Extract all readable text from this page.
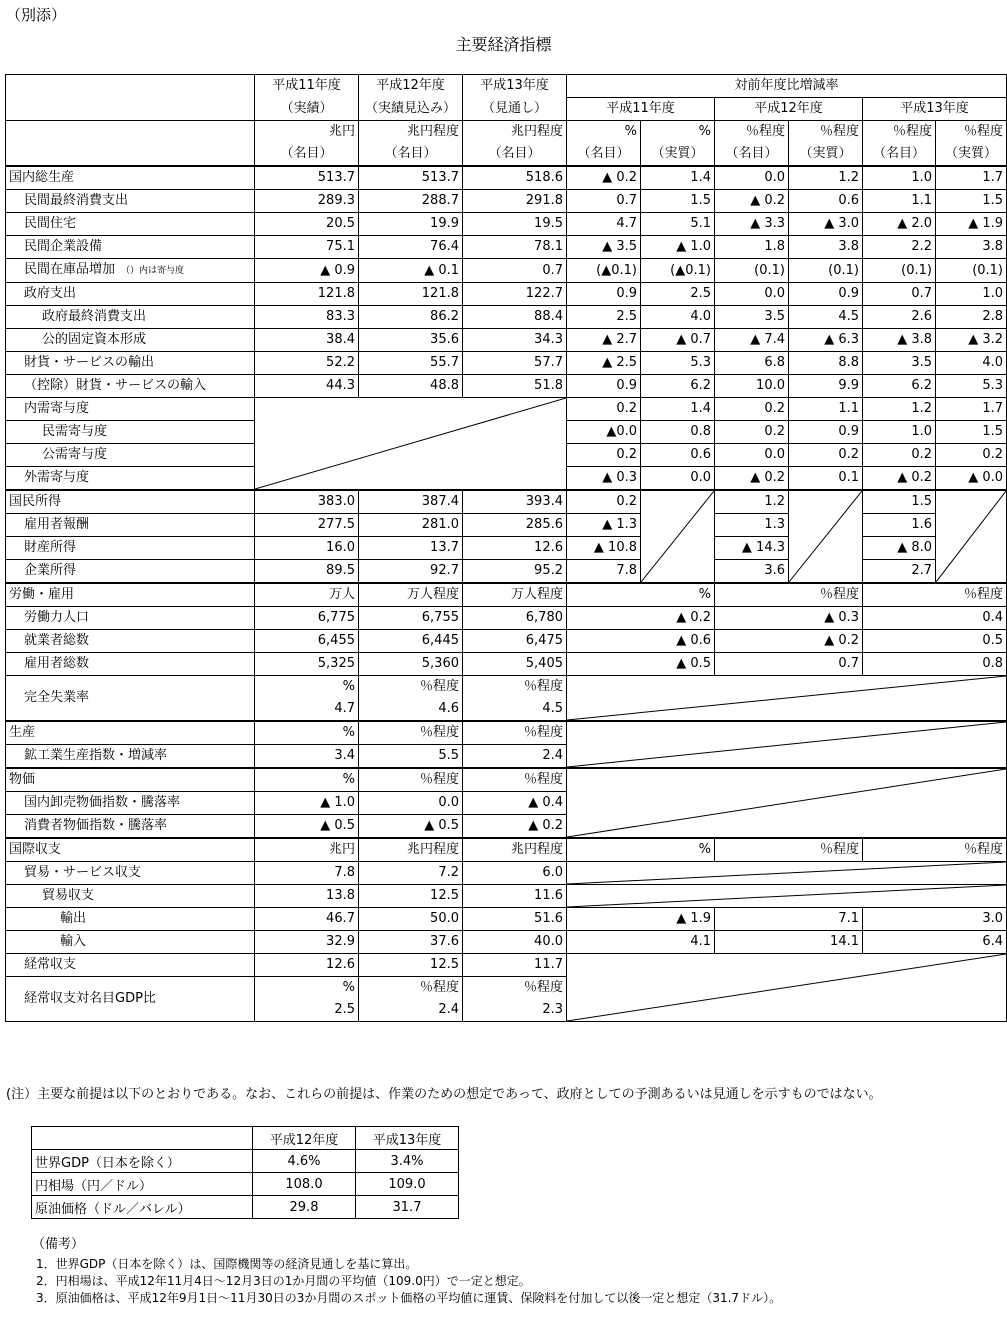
（別添）
主要経済指標
	平成11年度	平成12年度	平成13年度	対前年度比増減率					
	（実績）	（実績見込み）	（見通し）	平成11年度		平成12年度		平成13年度	
	兆円	兆円程度	兆円程度	%	%	％程度	％程度	％程度	％程度
	（名目）	（名目）	（名目）	（名目）	（実質）	（名目）	（実質）	（名目）	（実質）
国内総生産	513.7	513.7	518.6	▲ 0.2	1.4	0.0	1.2	1.0	1.7
民間最終消費支出	289.3	288.7	291.8	0.7	1.5	▲ 0.2	0.6	1.1	1.5
民間住宅	20.5	19.9	19.5	4.7	5.1	▲ 3.3	▲ 3.0	▲ 2.0	▲ 1.9
民間企業設備	75.1	76.4	78.1	▲ 3.5	▲ 1.0	1.8	3.8	2.2	3.8
民間在庫品増加 （）内は寄与度	▲ 0.9	▲ 0.1	0.7	(▲0.1)	(▲0.1)	(0.1)	(0.1)	(0.1)	(0.1)
政府支出	121.8	121.8	122.7	0.9	2.5	0.0	0.9	0.7	1.0
政府最終消費支出	83.3	86.2	88.4	2.5	4.0	3.5	4.5	2.6	2.8
公的固定資本形成	38.4	35.6	34.3	▲ 2.7	▲ 0.7	▲ 7.4	▲ 6.3	▲ 3.8	▲ 3.2
財貨・サービスの輸出	52.2	55.7	57.7	▲ 2.5	5.3	6.8	8.8	3.5	4.0
（控除）財貨・サービスの輸入	44.3	48.8	51.8	0.9	6.2	10.0	9.9	6.2	5.3
内需寄与度				0.2	1.4	0.2	1.1	1.2	1.7
民需寄与度				▲0.0	0.8	0.2	0.9	1.0	1.5
公需寄与度				0.2	0.6	0.0	0.2	0.2	0.2
外需寄与度				▲ 0.3	0.0	▲ 0.2	0.1	▲ 0.2	▲ 0.0
国民所得	383.0	387.4	393.4	0.2		1.2		1.5	

雇用者報酬	277.5	281.0	285.6	▲ 1.3		1.3		1.6	
財産所得	16.0	13.7	12.6	▲ 10.8		▲ 14.3		▲ 8.0	
企業所得	89.5	92.7	95.2	7.8		3.6		2.7	
労働・雇用	万人	万人程度	万人程度	%		％程度		％程度	
労働力人口	6,775	6,755	6,780	▲ 0.2		▲ 0.3		0.4	
就業者総数	6,455	6,445	6,475	▲ 0.6		▲ 0.2		0.5	
雇用者総数	5,325	5,360	5,405	▲ 0.5		0.7		0.8	
完全失業率	%	％程度	％程度	

	4.7	4.6	4.5						
生産	%	％程度	％程度	

鉱工業生産指数・増減率	3.4	5.5	2.4						
物価	%	％程度	％程度	

国内卸売物価指数・騰落率	▲ 1.0	0.0	▲ 0.4						
消費者物価指数・騰落率	▲ 0.5	▲ 0.5	▲ 0.2						
国際収支	兆円	兆円程度	兆円程度	%		％程度		％程度	
貿易・サービス収支	7.8	7.2	6.0	

貿易収支	13.8	12.5	11.6	

輸出	46.7	50.0	51.6	▲ 1.9		7.1		3.0	
輸入	32.9	37.6	40.0	4.1		14.1		6.4	
経常収支	12.6	12.5	11.7	

経常収支対名目GDP比	%	％程度	％程度						
	2.5	2.4	2.3						
(注）主要な前提は以下のとおりである。なお、これらの前提は、作業のための想定であって、政府としての予測あるいは見通しを示すものではない。
	平成12年度	平成13年度
世界GDP（日本を除く）	4.6%	3.4%
円相場（円／ドル）	108.0	109.0
原油価格（ドル／バレル）	29.8	31.7
（備考）
1．世界GDP（日本を除く）は、国際機関等の経済見通しを基に算出。
2．円相場は、平成12年11月4日～12月3日の1か月間の平均値（109.0円）で一定と想定。
3．原油価格は、平成12年9月1日～11月30日の3か月間のスポット価格の平均値に運賃、保険料を付加して以後一定と想定（31.7ドル）。
